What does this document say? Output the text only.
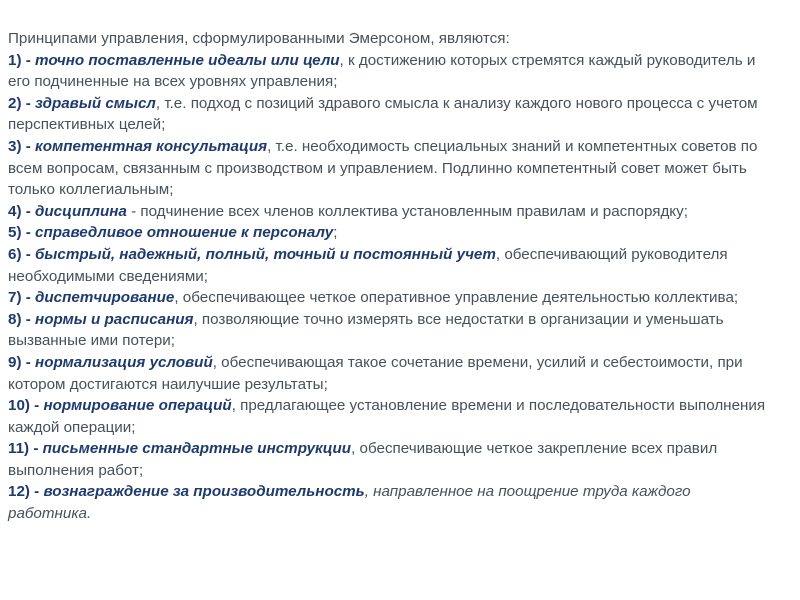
Принципами управления, сформулированными Эмерсоном, являются:

1) - точно поставленные идеалы или цели, к достижению которых стремятся каждый руководитель и его подчиненные на всех уровнях управления;

2) - здравый смысл, т.е. подход с позиций здравого смысла к анализу каждого нового процесса с учетом перспективных целей;

3) - компетентная консультация, т.е. необходимость специальных знаний и компетентных советов по всем вопросам, связанным с производством и управлением. Подлинно компетентный совет может быть только коллегиальным;

4) - дисциплина - подчинение всех членов коллектива установленным правилам и распорядку;

5) - справедливое отношение к персоналу;

6) - быстрый, надежный, полный, точный и постоянный учет, обеспечивающий руководителя необходимыми сведениями;

7) - диспетчирование, обеспечивающее четкое оперативное управление деятельностью коллектива;

8) - нормы и расписания, позволяющие точно измерять все недостатки в организации и уменьшать вызванные ими потери;

9) - нормализация условий, обеспечивающая такое сочетание времени, усилий и себестоимости, при котором достигаются наилучшие результаты;

10) - нормирование операций, предлагающее установление времени и последовательности выполнения каждой операции;

11) - письменные стандартные инструкции, обеспечивающие четкое закрепление всех правил выполнения работ;

12) - вознаграждение за производительность, направленное на поощрение труда каждого работника.
